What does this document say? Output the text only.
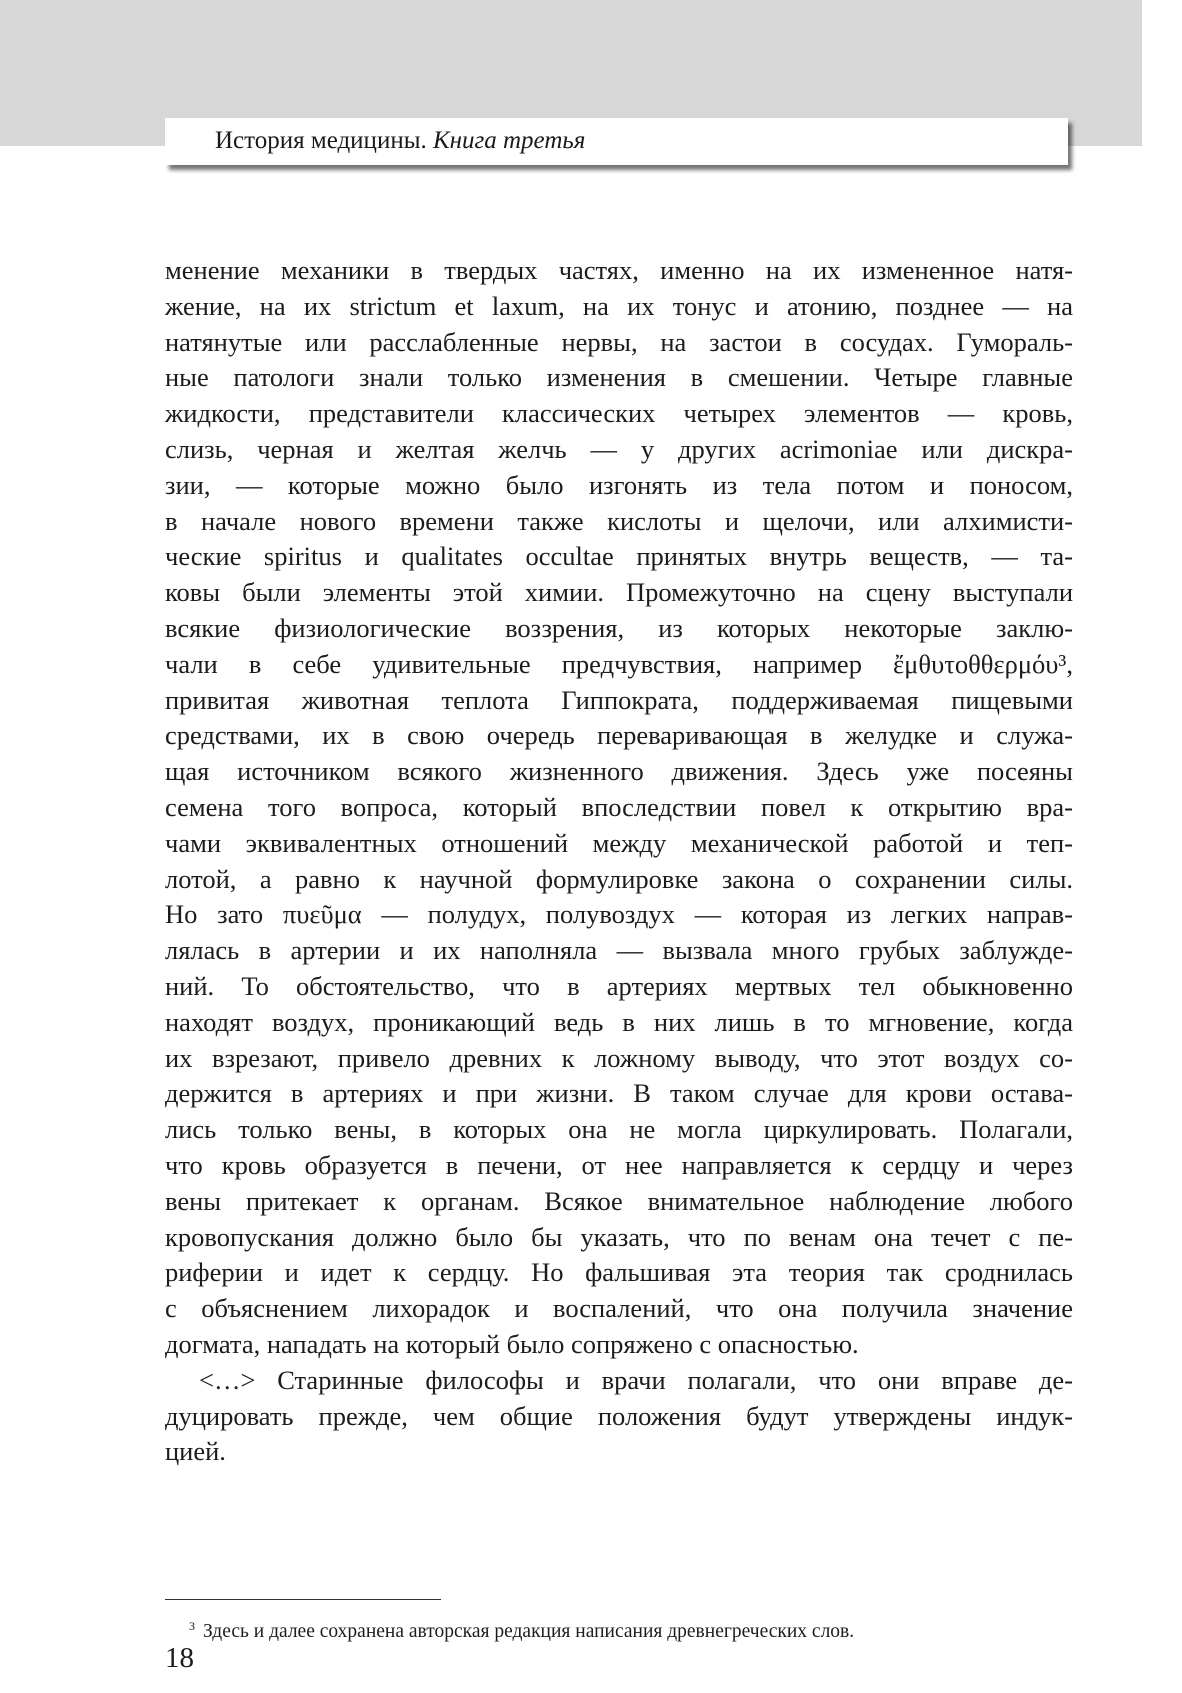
История медицины. Книга третья
менение механики в твердых частях, именно на их измененное натя-
жение, на их strictum et laxum, на их тонус и атонию, позднее — на
натянутые или расслабленные нервы, на застои в сосудах. Гумораль-
ные патологи знали только изменения в смешении. Четыре главные
жидкости, представители классических четырех элементов — кровь,
слизь, черная и желтая желчь — у других acrimoniae или дискра-
зии, — которые можно было изгонять из тела потом и поносом,
в начале нового времени также кислоты и щелочи, или алхимисти-
ческие spiritus и qualitates occultae принятых внутрь веществ, — та-
ковы были элементы этой химии. Промежуточно на сцену выступали
всякие физиологические воззрения, из которых некоторые заклю-
чали в себе удивительные предчувствия, например ἔμθυτοθθερμόυ³,
привитая животная теплота Гиппократа, поддерживаемая пищевыми
средствами, их в свою очередь переваривающая в желудке и служа-
щая источником всякого жизненного движения. Здесь уже посеяны
семена того вопроса, который впоследствии повел к открытию вра-
чами эквивалентных отношений между механической работой и теп-
лотой, а равно к научной формулировке закона о сохранении силы.
Но зато πυεῦμα — полудух, полувоздух — которая из легких направ-
лялась в артерии и их наполняла — вызвала много грубых заблужде-
ний. То обстоятельство, что в артериях мертвых тел обыкновенно
находят воздух, проникающий ведь в них лишь в то мгновение, когда
их взрезают, привело древних к ложному выводу, что этот воздух со-
держится в артериях и при жизни. В таком случае для крови остава-
лись только вены, в которых она не могла циркулировать. Полагали,
что кровь образуется в печени, от нее направляется к сердцу и через
вены притекает к органам. Всякое внимательное наблюдение любого
кровопускания должно было бы указать, что по венам она течет с пе-
риферии и идет к сердцу. Но фальшивая эта теория так сроднилась
с объяснением лихорадок и воспалений, что она получила значение
догмата, нападать на который было сопряжено с опасностью.
<…> Старинные философы и врачи полагали, что они вправе де-
дуцировать прежде, чем общие положения будут утверждены индук-
цией.
$^3$ Здесь и далее сохранена авторская редакция написания древнегреческих слов.
18
